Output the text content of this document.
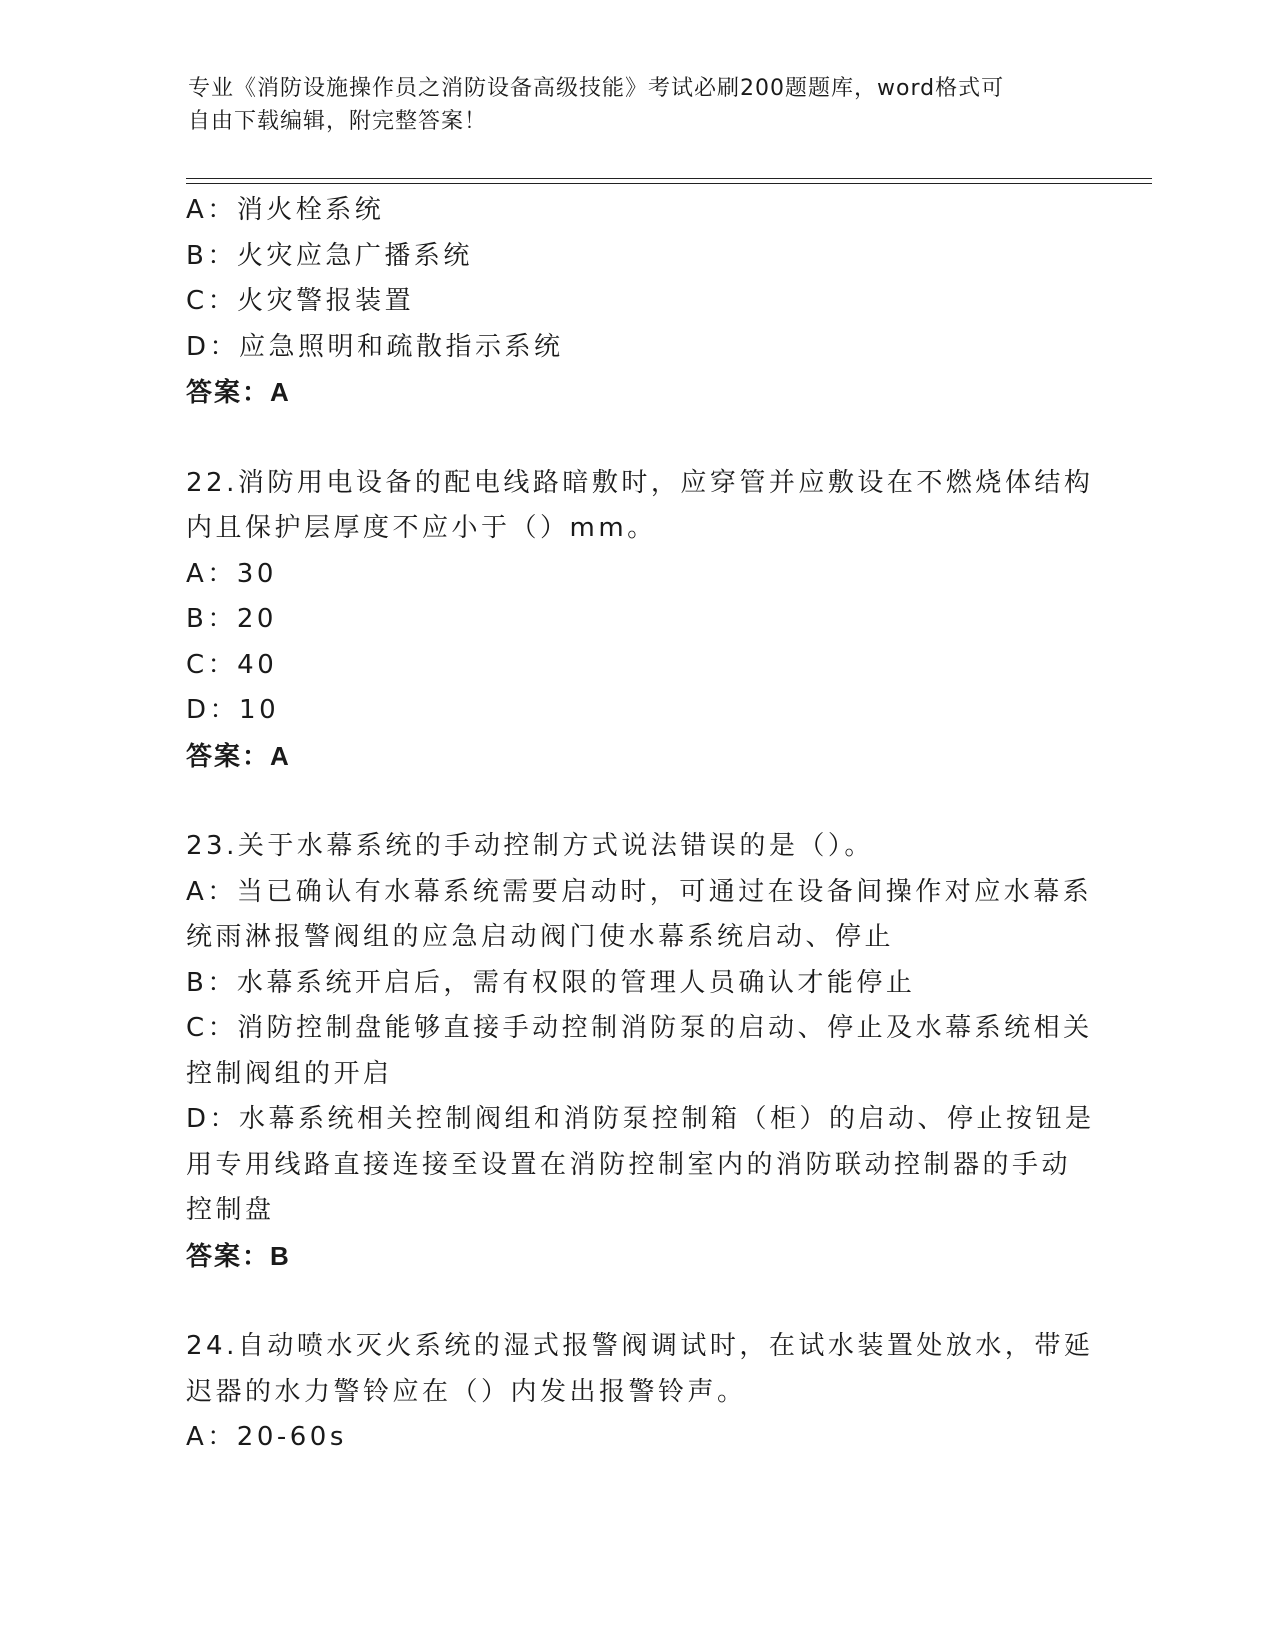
专业《消防设施操作员之消防设备高级技能》考试必刷200题题库，word格式可
自由下载编辑，附完整答案！
A：消火栓系统
B：火灾应急广播系统
C：火灾警报装置
D：应急照明和疏散指示系统
答案：A
22.消防用电设备的配电线路暗敷时，应穿管并应敷设在不燃烧体结构
内且保护层厚度不应小于（）mm。
A：30
B：20
C：40
D：10
答案：A
23.关于水幕系统的手动控制方式说法错误的是（）。
A：当已确认有水幕系统需要启动时，可通过在设备间操作对应水幕系
统雨淋报警阀组的应急启动阀门使水幕系统启动、停止
B：水幕系统开启后，需有权限的管理人员确认才能停止
C：消防控制盘能够直接手动控制消防泵的启动、停止及水幕系统相关
控制阀组的开启
D：水幕系统相关控制阀组和消防泵控制箱（柜）的启动、停止按钮是
用专用线路直接连接至设置在消防控制室内的消防联动控制器的手动
控制盘
答案：B
24.自动喷水灭火系统的湿式报警阀调试时，在试水装置处放水，带延
迟器的水力警铃应在（）内发出报警铃声。
A：20-60s
